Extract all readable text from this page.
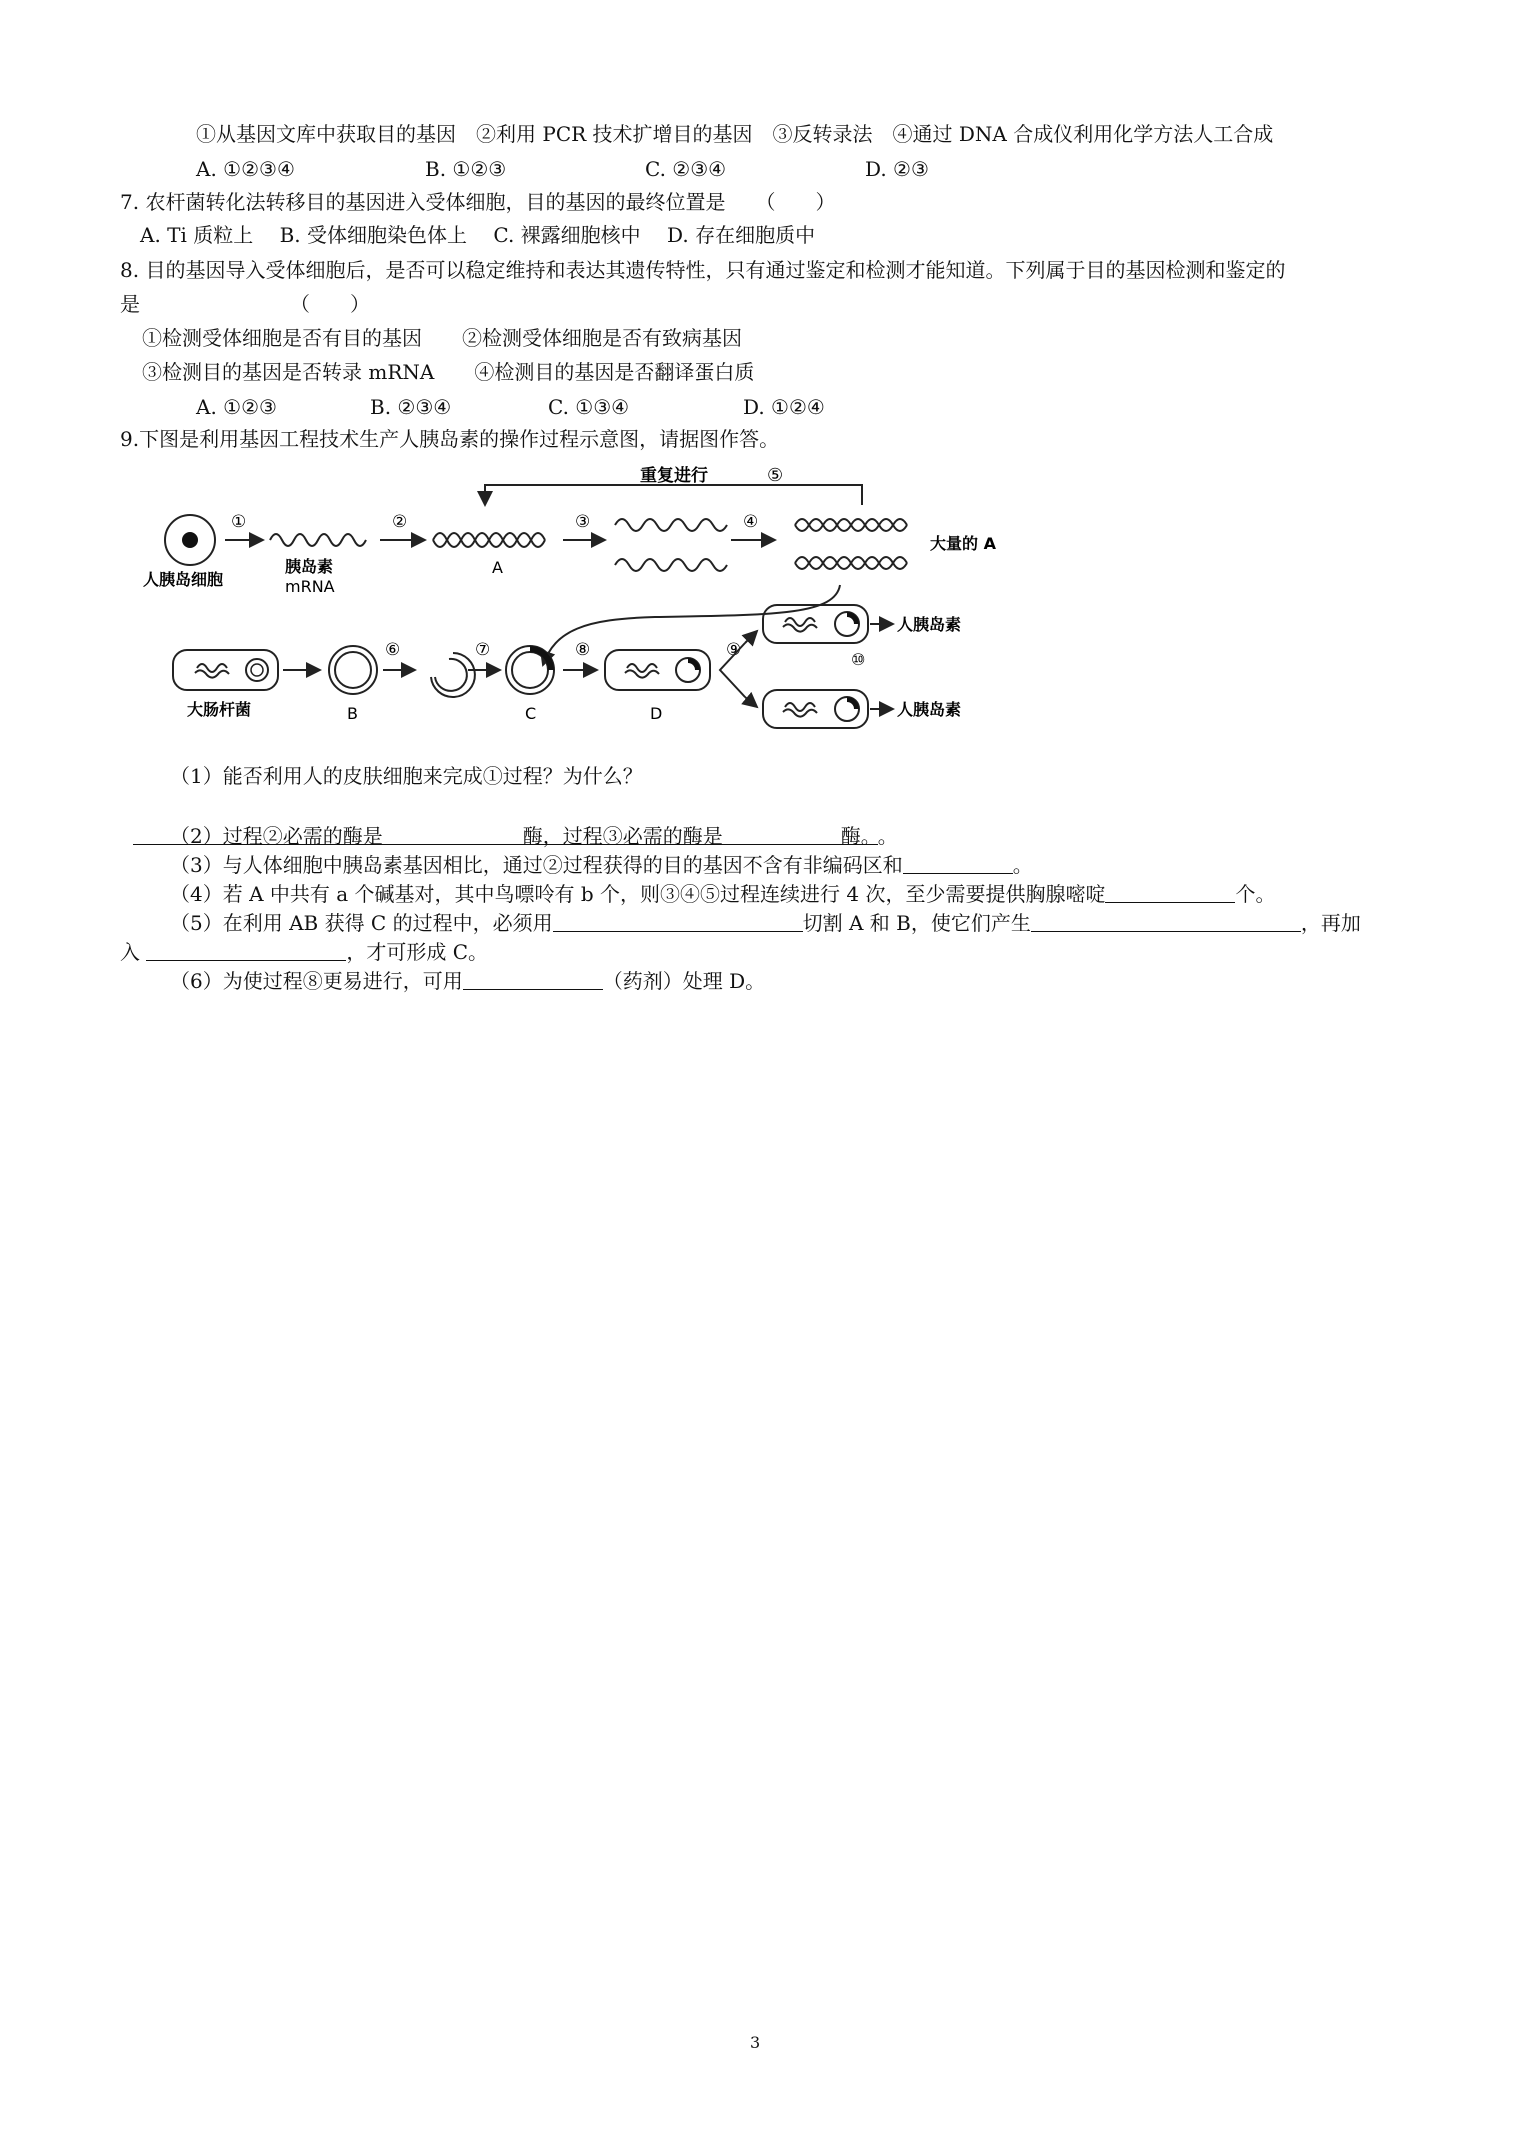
①从基因文库中获取目的基因　②利用 PCR 技术扩增目的基因　③反转录法　④通过 DNA 合成仪利用化学方法人工合成
A. ①②③④	B. ①②③	C. ②③④	D. ②③
7. 农杆菌转化法转移目的基因进入受体细胞，目的基因的最终位置是　　（　　）
A. Ti 质粒上　 B. 受体细胞染色体上　 C. 裸露细胞核中　 D. 存在细胞质中
8. 目的基因导入受体细胞后，是否可以稳定维持和表达其遗传特性，只有通过鉴定和检测才能知道。下列属于目的基因检测和鉴定的
是　　　　　　　　（　　）
①检测受体细胞是否有目的基因　　②检测受体细胞是否有致病基因
③检测目的基因是否转录 mRNA　　④检测目的基因是否翻译蛋白质
A. ①②③	B. ②③④	C. ①③④	D. ①②④
9.下图是利用基因工程技术生产人胰岛素的操作过程示意图，请据图作答。
重复进行	⑤
人胰岛细胞
①
胰岛素
mRNA
②
A
③	④
大量的 A
大肠杆菌	B
⑥	⑦
C
⑧
D
⑨
人胰岛素
⑩
人胰岛素
（1）能否利用人的皮肤细胞来完成①过程？为什么？

。

（2）过程②必需的酶是	酶，过程③必需的酶是	酶。
（3）与人体细胞中胰岛素基因相比，通过②过程获得的目的基因不含有非编码区和	。
（4）若 A 中共有 a 个碱基对，其中鸟嘌呤有 b 个，则③④⑤过程连续进行 4 次，至少需要提供胸腺嘧啶	个。
（5）在利用 AB 获得 C 的过程中，必须用	切割 A 和 B，使它们产生	，再加
入	，才可形成 C。
（6）为使过程⑧更易进行，可用	（药剂）处理 D。
3
